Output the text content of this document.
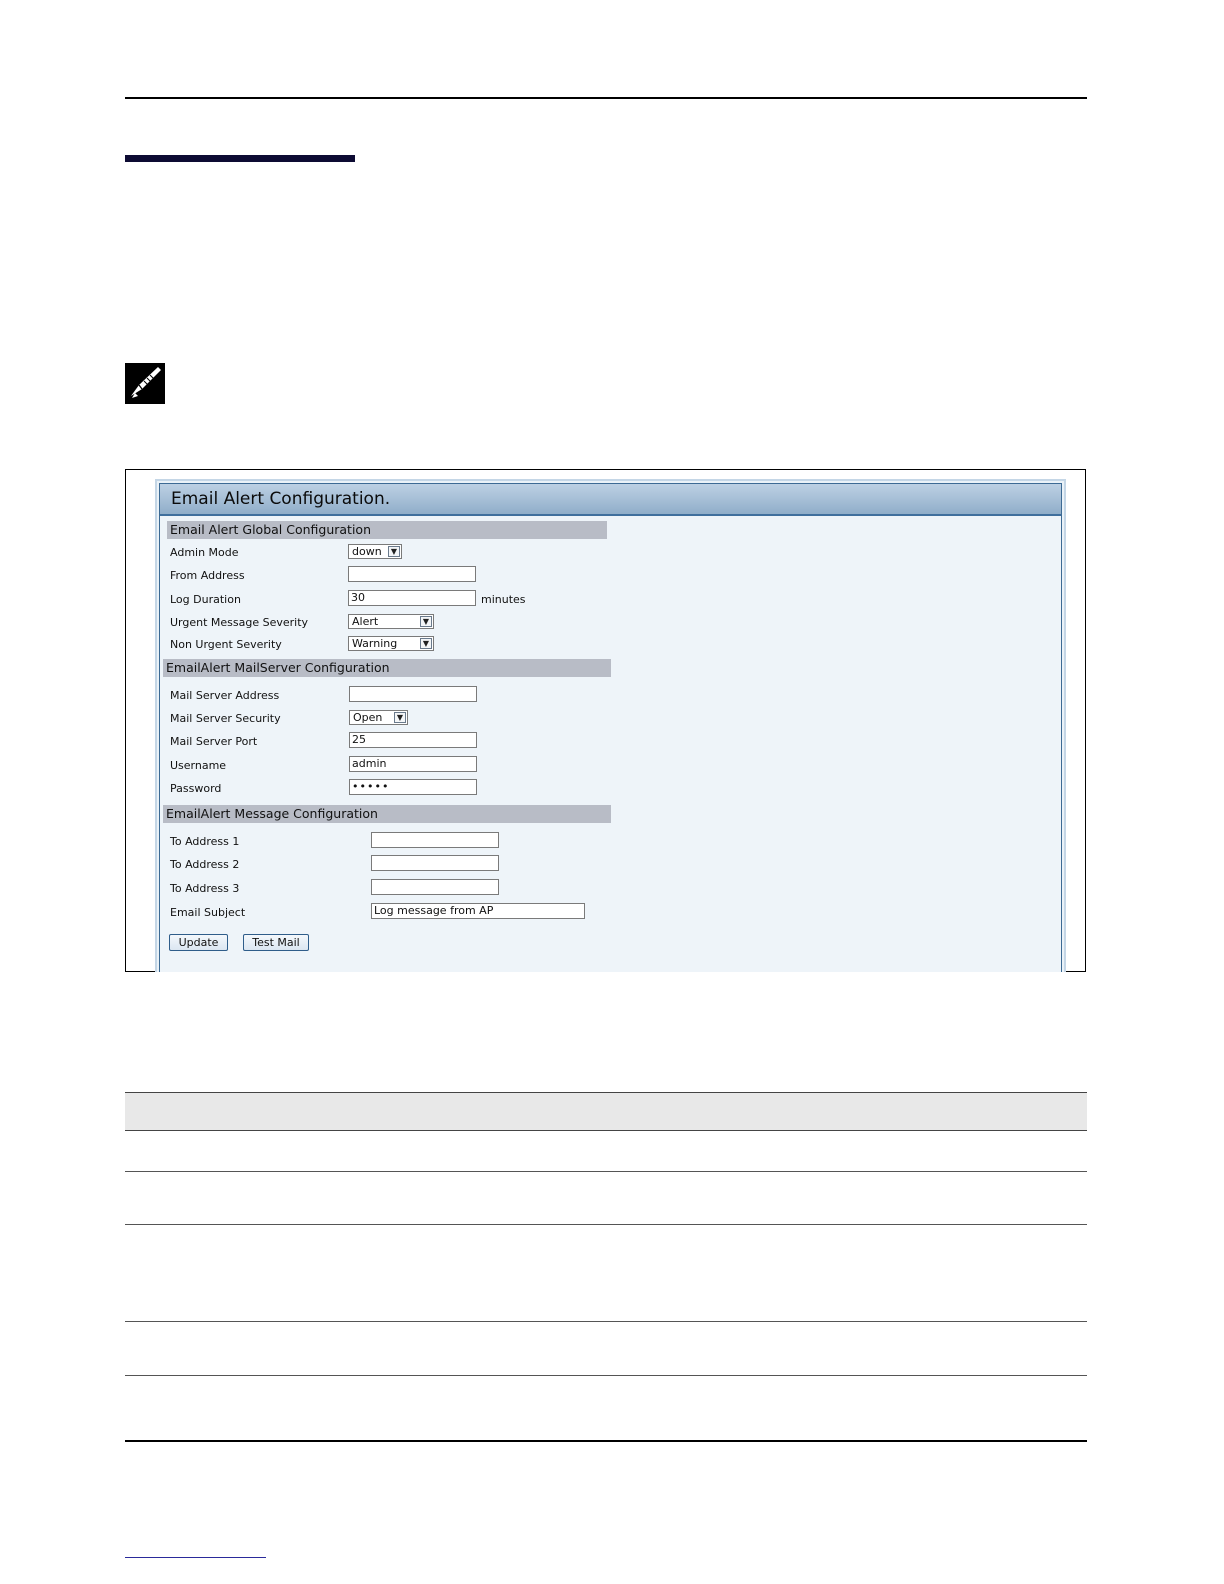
Email Alert Configuration.
Email Alert Global Configuration
Admin Mode	down	▼
From Address
Log Duration	30	minutes
Urgent Message Severity	Alert	▼
Non Urgent Severity	Warning	▼
EmailAlert MailServer Configuration
Mail Server Address
Mail Server Security	Open	▼
Mail Server Port	25
Username	admin
Password	•••••
EmailAlert Message Configuration
To Address 1
To Address 2
To Address 3
Email Subject	Log message from AP
Update	Test Mail
